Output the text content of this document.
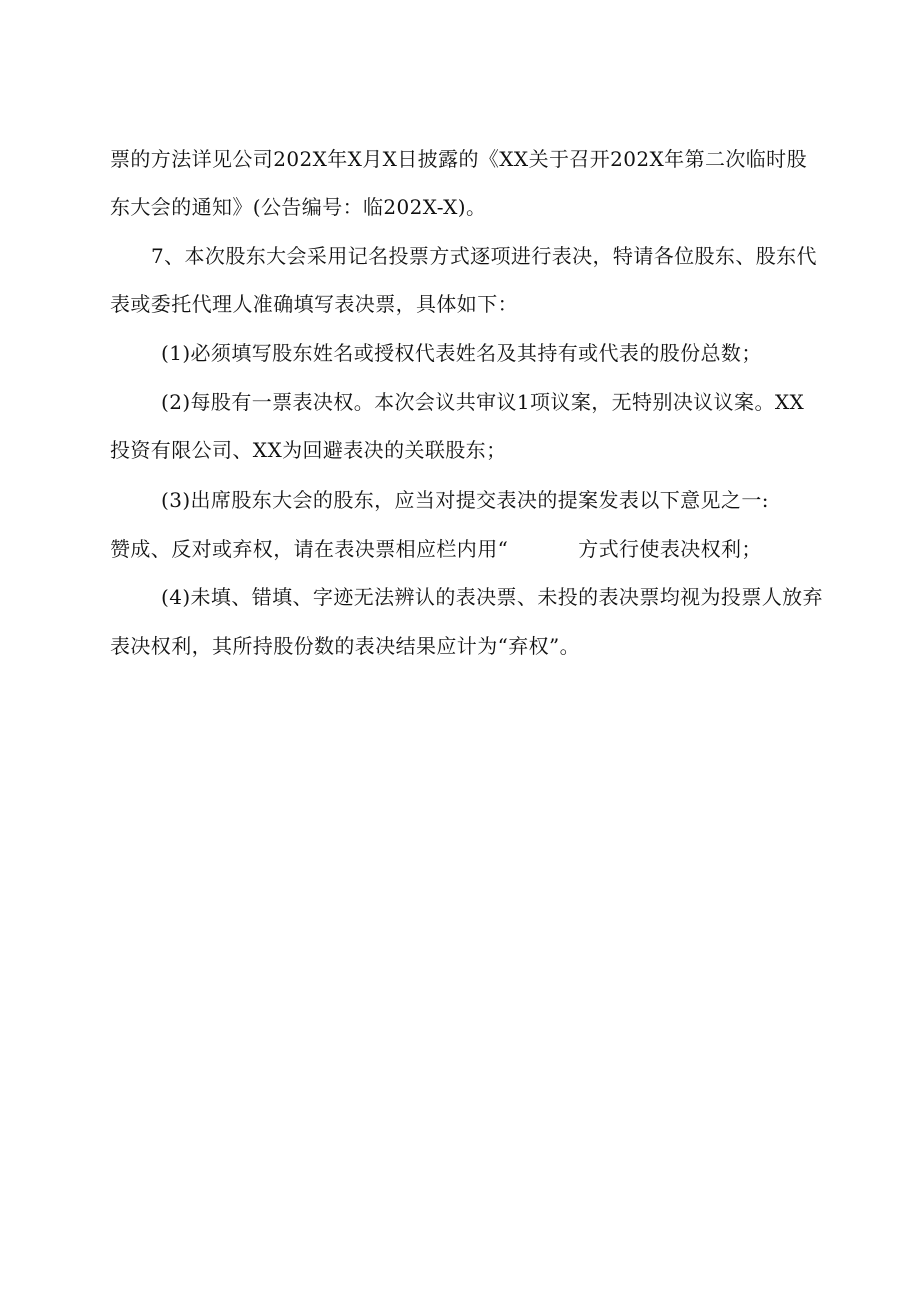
票的方法详见公司202X年X月X日披露的《XX关于召开202X年第二次临时股
东大会的通知》(公告编号：临202X-X)。
7、本次股东大会采用记名投票方式逐项进行表决，特请各位股东、股东代
表或委托代理人准确填写表决票，具体如下：
(1)必须填写股东姓名或授权代表姓名及其持有或代表的股份总数；
(2)每股有一票表决权。本次会议共审议1项议案，无特别决议议案。XX
投资有限公司、XX为回避表决的关联股东；
(3)出席股东大会的股东，应当对提交表决的提案发表以下意见之一:
赞成、反对或弃权，请在表决票相应栏内用“	方式行使表决权利；
(4)未填、错填、字迹无法辨认的表决票、未投的表决票均视为投票人放弃
表决权利，其所持股份数的表决结果应计为“弃权”。
